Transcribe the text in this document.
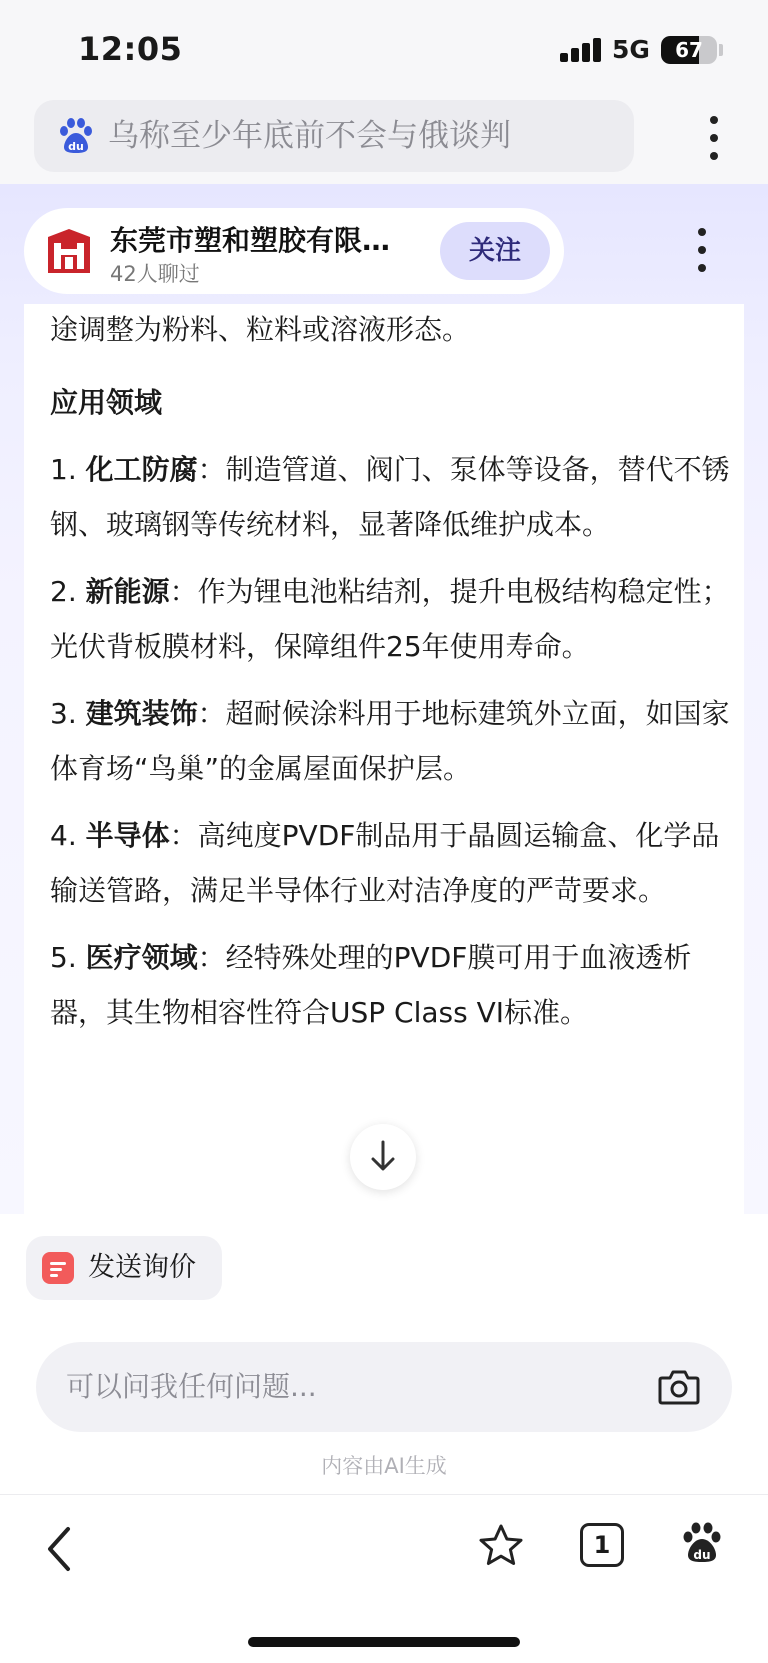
12:05	5G	67
du 乌称至少年底前不会与俄谈判
东莞市塑和塑胶有限…
42人聊过
关注

途调整为粉料、粒料或溶液形态。

应用领域

1. 化工防腐：制造管道、阀门、泵体等设备，替代不锈钢、玻璃钢等传统材料，显著降低维护成本。

2. 新能源：作为锂电池粘结剂，提升电极结构稳定性；光伏背板膜材料，保障组件25年使用寿命。

3. 建筑装饰：超耐候涂料用于地标建筑外立面，如国家体育场“鸟巢”的金属屋面保护层。

4. 半导体：高纯度PVDF制品用于晶圆运输盒、化学品输送管路，满足半导体行业对洁净度的严苛要求。

5. 医疗领域：经特殊处理的PVDF膜可用于血液透析器，其生物相容性符合USP Class VI标准。

发送询价
可以问我任何问题...
内容由AI生成
1	du
